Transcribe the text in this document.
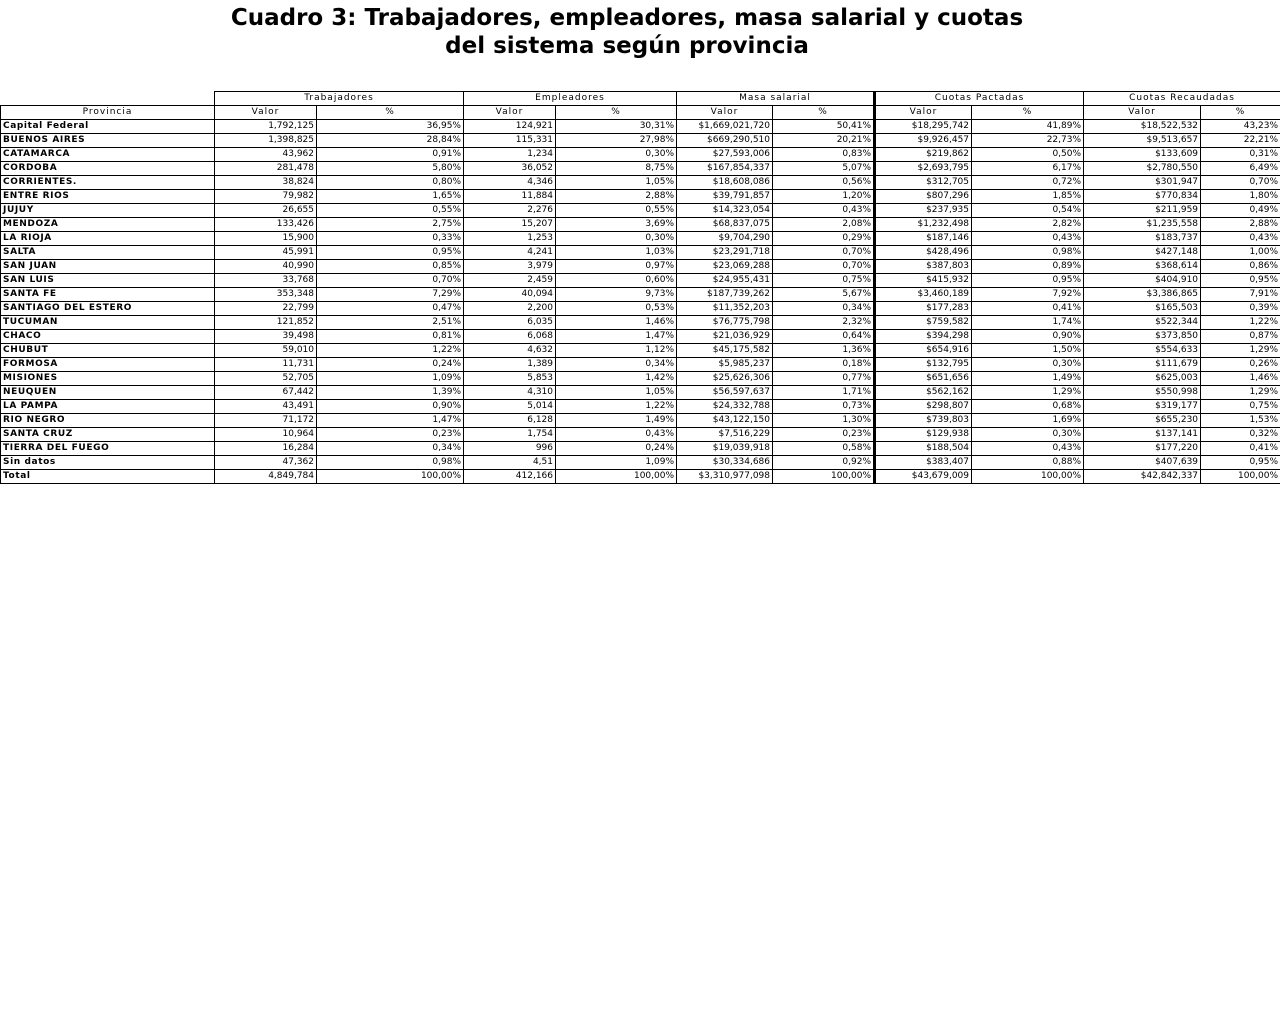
Cuadro 3: Trabajadores, empleadores, masa salarial y cuotas
del sistema según provincia
	Trabajadores		Empleadores		Masa salarial		Cuotas Pactadas		Cuotas Recaudadas	
Provincia	Valor	%	Valor	%	Valor	%	Valor	%	Valor	%
Capital Federal	1,792,125	36,95%	124,921	30,31%	$1,669,021,720	50,41%	$18,295,742	41,89%	$18,522,532	43,23%
BUENOS AIRES	1,398,825	28,84%	115,331	27,98%	$669,290,510	20,21%	$9,926,457	22,73%	$9,513,657	22,21%
CATAMARCA	43,962	0,91%	1,234	0,30%	$27,593,006	0,83%	$219,862	0,50%	$133,609	0,31%
CORDOBA	281,478	5,80%	36,052	8,75%	$167,854,337	5,07%	$2,693,795	6,17%	$2,780,550	6,49%
CORRIENTES.	38,824	0,80%	4,346	1,05%	$18,608,086	0,56%	$312,705	0,72%	$301,947	0,70%
ENTRE RIOS	79,982	1,65%	11,884	2,88%	$39,791,857	1,20%	$807,296	1,85%	$770,834	1,80%
JUJUY	26,655	0,55%	2,276	0,55%	$14,323,054	0,43%	$237,935	0,54%	$211,959	0,49%
MENDOZA	133,426	2,75%	15,207	3,69%	$68,837,075	2,08%	$1,232,498	2,82%	$1,235,558	2,88%
LA RIOJA	15,900	0,33%	1,253	0,30%	$9,704,290	0,29%	$187,146	0,43%	$183,737	0,43%
SALTA	45,991	0,95%	4,241	1,03%	$23,291,718	0,70%	$428,496	0,98%	$427,148	1,00%
SAN JUAN	40,990	0,85%	3,979	0,97%	$23,069,288	0,70%	$387,803	0,89%	$368,614	0,86%
SAN LUIS	33,768	0,70%	2,459	0,60%	$24,955,431	0,75%	$415,932	0,95%	$404,910	0,95%
SANTA FE	353,348	7,29%	40,094	9,73%	$187,739,262	5,67%	$3,460,189	7,92%	$3,386,865	7,91%
SANTIAGO DEL ESTERO	22,799	0,47%	2,200	0,53%	$11,352,203	0,34%	$177,283	0,41%	$165,503	0,39%
TUCUMAN	121,852	2,51%	6,035	1,46%	$76,775,798	2,32%	$759,582	1,74%	$522,344	1,22%
CHACO	39,498	0,81%	6,068	1,47%	$21,036,929	0,64%	$394,298	0,90%	$373,850	0,87%
CHUBUT	59,010	1,22%	4,632	1,12%	$45,175,582	1,36%	$654,916	1,50%	$554,633	1,29%
FORMOSA	11,731	0,24%	1,389	0,34%	$5,985,237	0,18%	$132,795	0,30%	$111,679	0,26%
MISIONES	52,705	1,09%	5,853	1,42%	$25,626,306	0,77%	$651,656	1,49%	$625,003	1,46%
NEUQUEN	67,442	1,39%	4,310	1,05%	$56,597,637	1,71%	$562,162	1,29%	$550,998	1,29%
LA PAMPA	43,491	0,90%	5,014	1,22%	$24,332,788	0,73%	$298,807	0,68%	$319,177	0,75%
RIO NEGRO	71,172	1,47%	6,128	1,49%	$43,122,150	1,30%	$739,803	1,69%	$655,230	1,53%
SANTA CRUZ	10,964	0,23%	1,754	0,43%	$7,516,229	0,23%	$129,938	0,30%	$137,141	0,32%
TIERRA DEL FUEGO	16,284	0,34%	996	0,24%	$19,039,918	0,58%	$188,504	0,43%	$177,220	0,41%
Sin datos	47,362	0,98%	4,51	1,09%	$30,334,686	0,92%	$383,407	0,88%	$407,639	0,95%
Total	4,849,784	100,00%	412,166	100,00%	$3,310,977,098	100,00%	$43,679,009	100,00%	$42,842,337	100,00%
